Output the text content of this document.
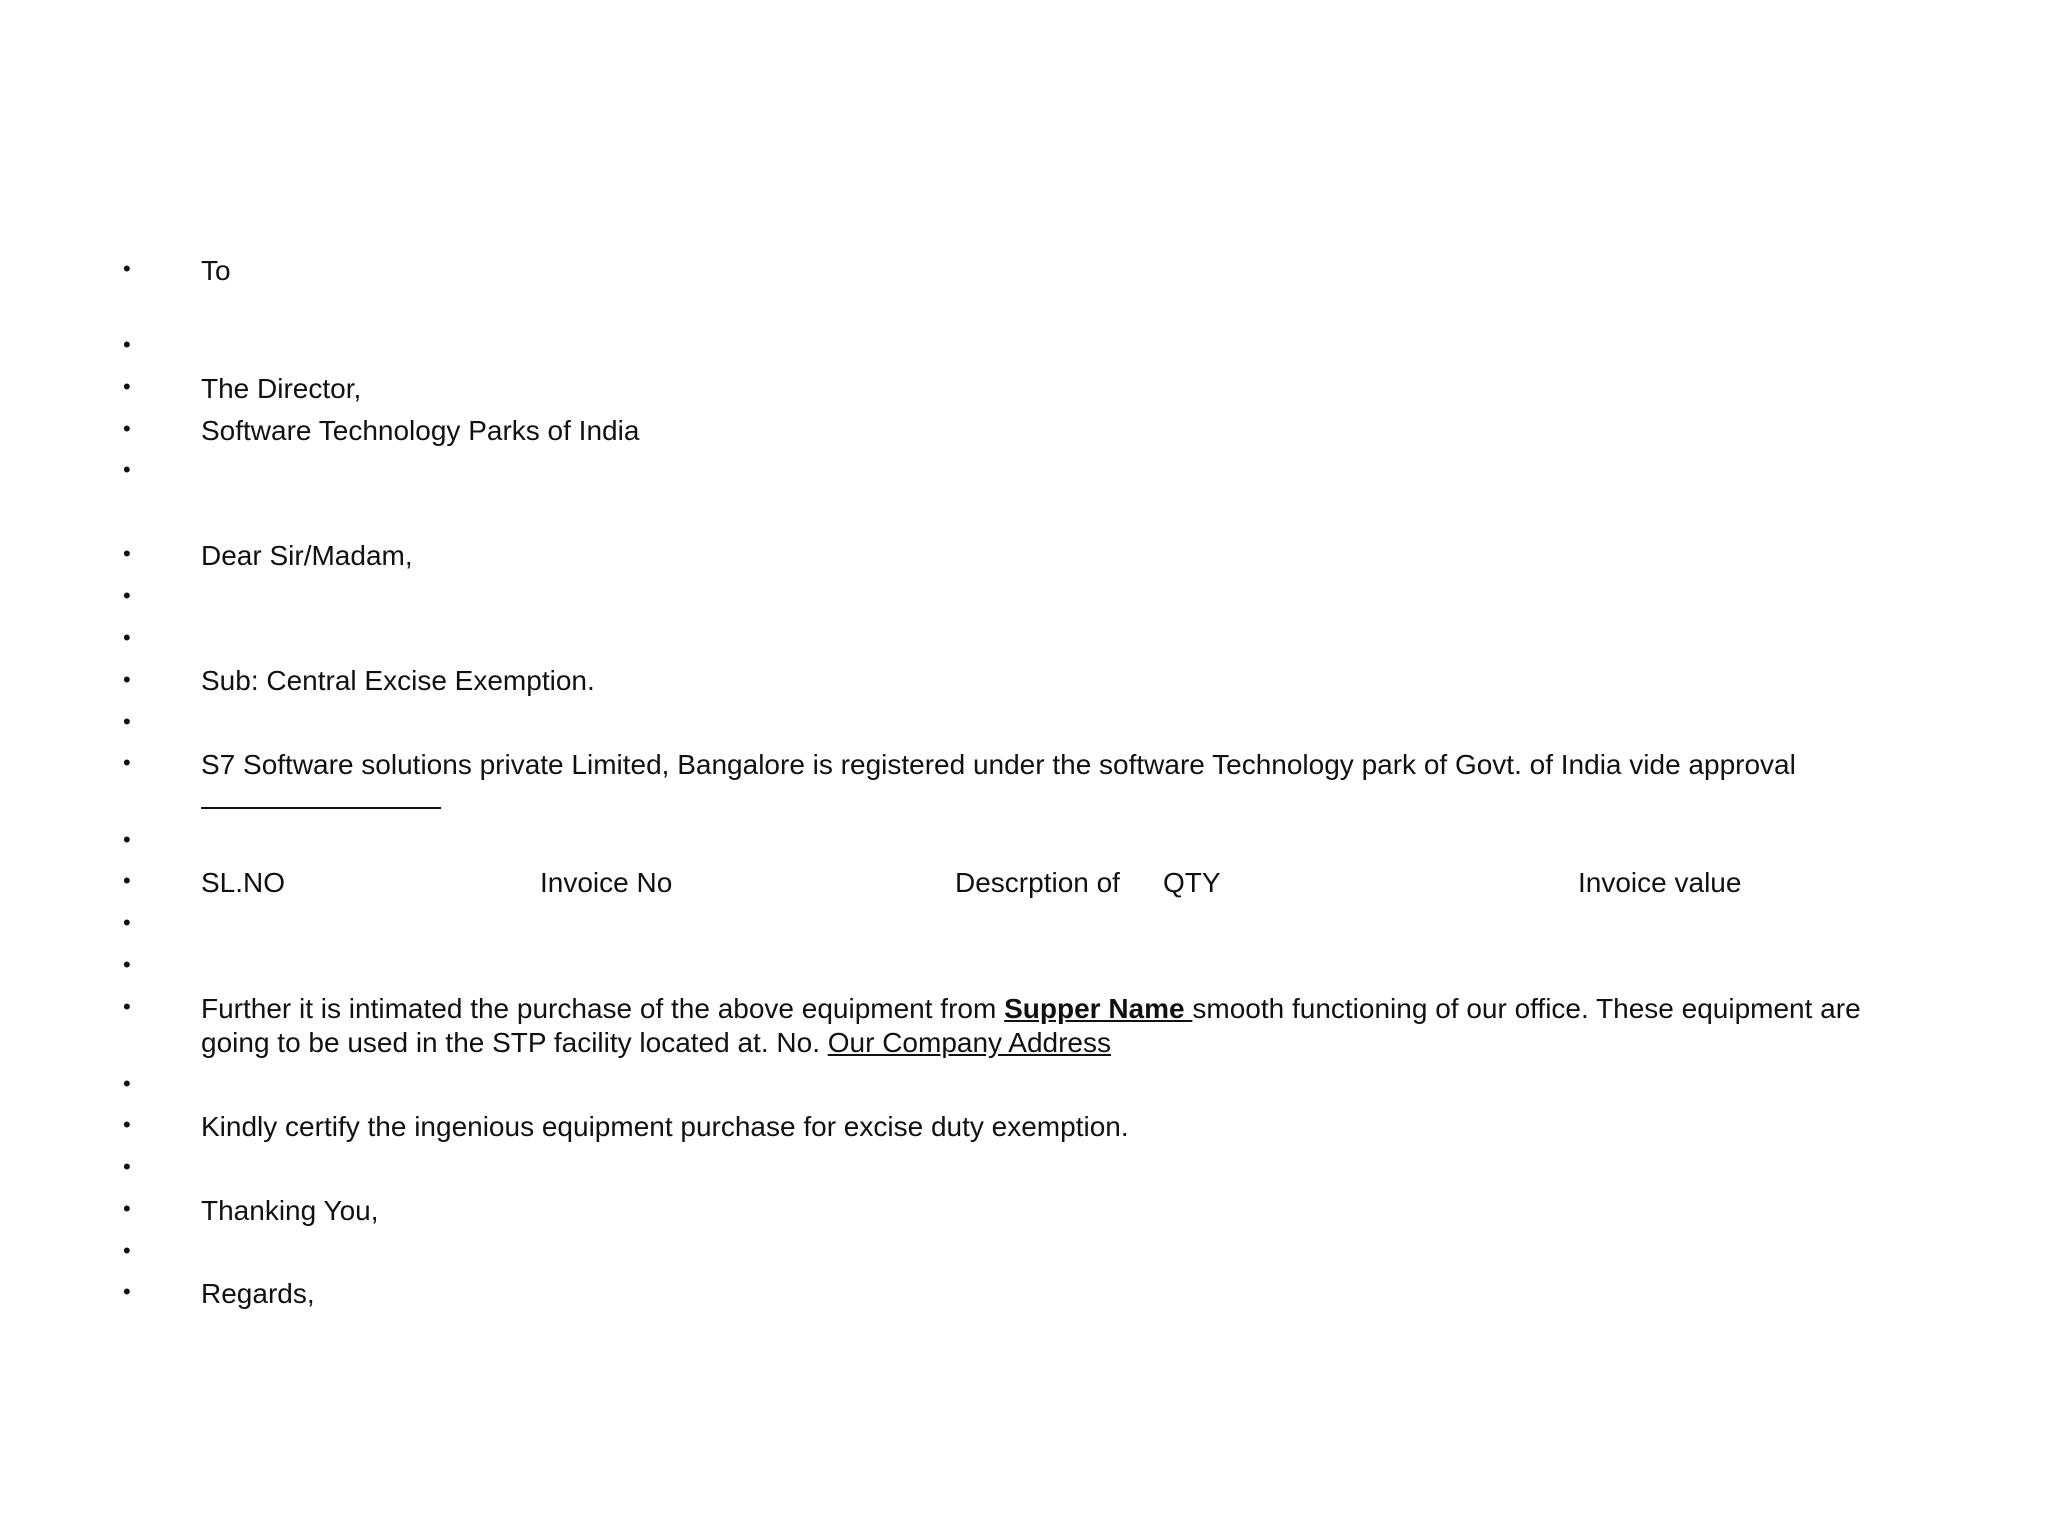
•
•
•
•
•
•
•
•
•
•
•
•
•
•
•
•
•
•
•
•
•
•
To
The Director,
Software Technology Parks of India
Dear Sir/Madam,
Sub: Central Excise Exemption.
S7 Software solutions private Limited, Bangalore is registered under the software Technology park of Govt. of India vide approval
SL.NO	Invoice No	Descrption of QTY	Invoice value
Further it is intimated the purchase of the above equipment from Supper Name smooth functioning of our office. These equipment are
going to be used in the STP facility located at. No. Our Company Address
Kindly certify the ingenious equipment purchase for excise duty exemption.
Thanking You,
Regards,
